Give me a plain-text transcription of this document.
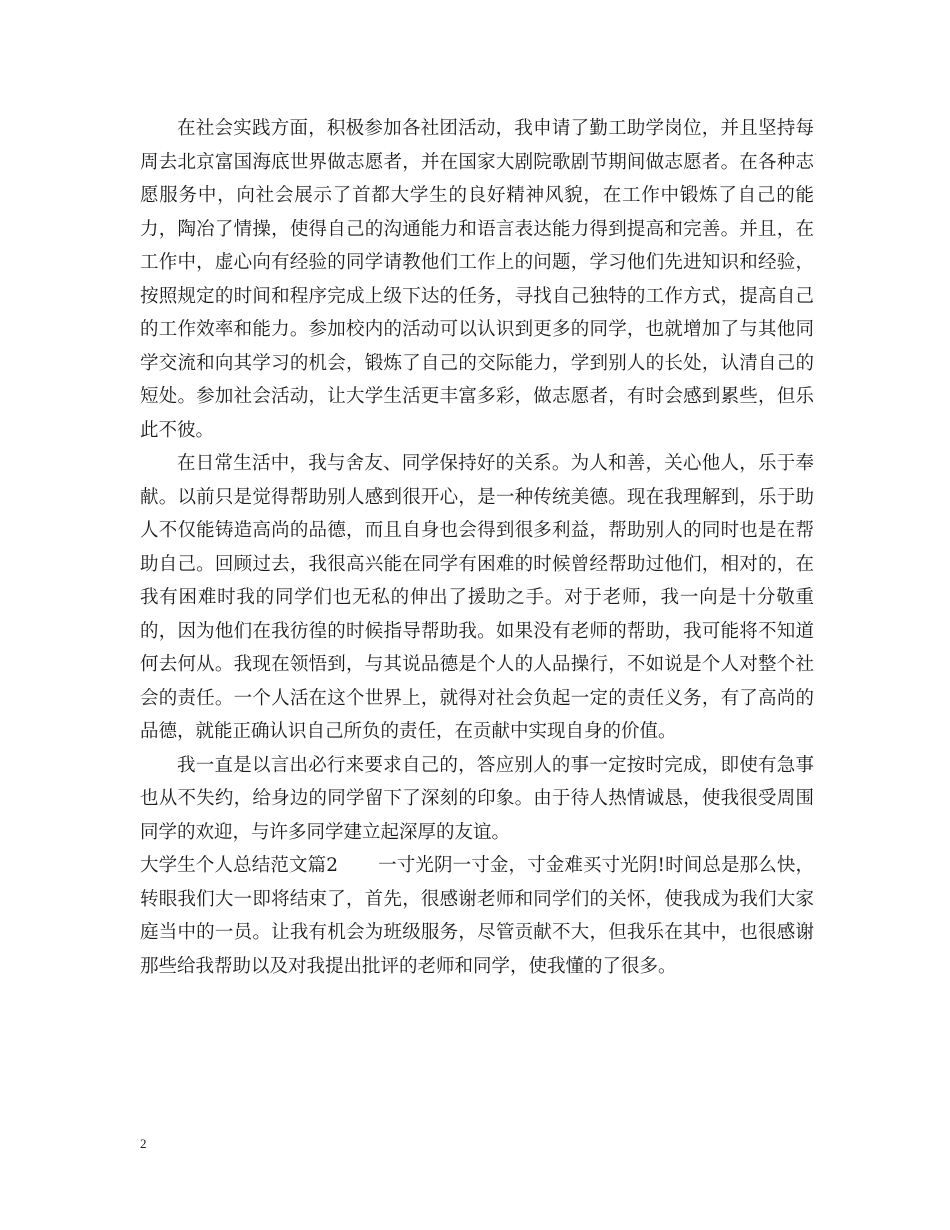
在社会实践方面，积极参加各社团活动，我申请了勤工助学岗位，并且坚持每周去北京富国海底世界做志愿者，并在国家大剧院歌剧节期间做志愿者。在各种志愿服务中，向社会展示了首都大学生的良好精神风貌，在工作中锻炼了自己的能力，陶冶了情操，使得自己的沟通能力和语言表达能力得到提高和完善。并且，在工作中，虚心向有经验的同学请教他们工作上的问题，学习他们先进知识和经验，按照规定的时间和程序完成上级下达的任务，寻找自己独特的工作方式，提高自己的工作效率和能力。参加校内的活动可以认识到更多的同学，也就增加了与其他同学交流和向其学习的机会，锻炼了自己的交际能力，学到别人的长处，认清自己的短处。参加社会活动，让大学生活更丰富多彩，做志愿者，有时会感到累些，但乐此不彼。

在日常生活中，我与舍友、同学保持好的关系。为人和善，关心他人，乐于奉献。以前只是觉得帮助别人感到很开心，是一种传统美德。现在我理解到，乐于助人不仅能铸造高尚的品德，而且自身也会得到很多利益，帮助别人的同时也是在帮助自己。回顾过去，我很高兴能在同学有困难的时候曾经帮助过他们，相对的，在我有困难时我的同学们也无私的伸出了援助之手。对于老师，我一向是十分敬重的，因为他们在我彷徨的时候指导帮助我。如果没有老师的帮助，我可能将不知道何去何从。我现在领悟到，与其说品德是个人的人品操行，不如说是个人对整个社会的责任。一个人活在这个世界上，就得对社会负起一定的责任义务，有了高尚的品德，就能正确认识自己所负的责任，在贡献中实现自身的价值。

我一直是以言出必行来要求自己的，答应别人的事一定按时完成，即使有急事也从不失约，给身边的同学留下了深刻的印象。由于待人热情诚恳，使我很受周围同学的欢迎，与许多同学建立起深厚的友谊。

大学生个人总结范文篇2 一寸光阴一寸金，寸金难买寸光阴!时间总是那么快，转眼我们大一即将结束了，首先，很感谢老师和同学们的关怀，使我成为我们大家庭当中的一员。让我有机会为班级服务，尽管贡献不大，但我乐在其中，也很感谢那些给我帮助以及对我提出批评的老师和同学，使我懂的了很多。

2
